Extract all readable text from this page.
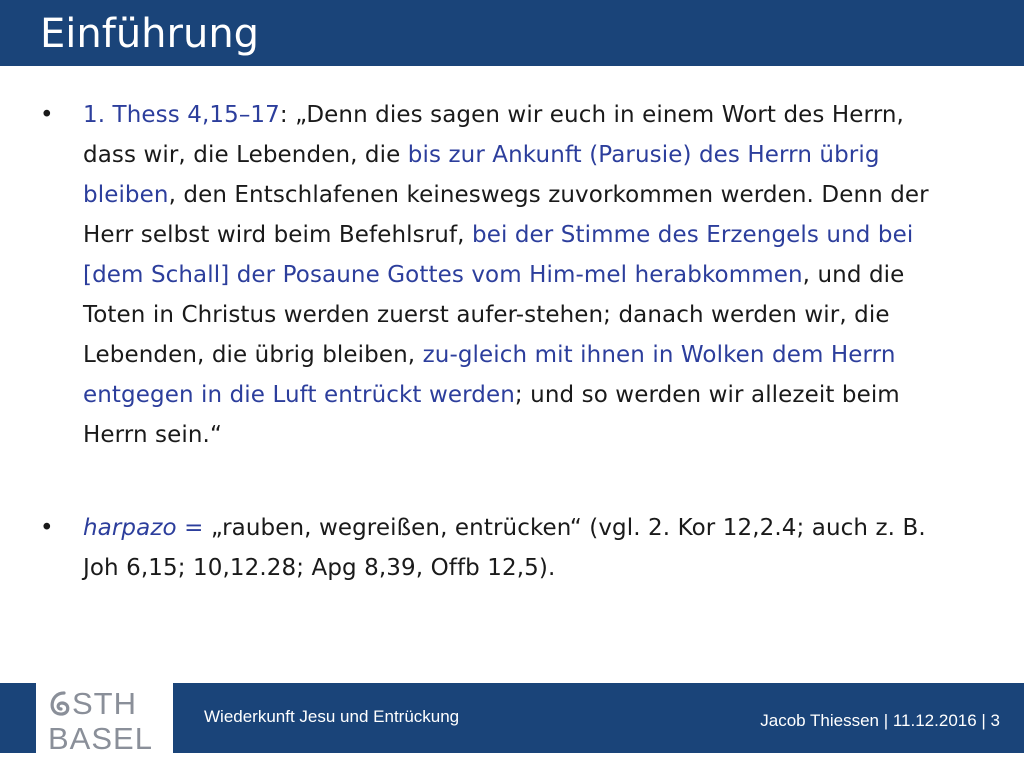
Einführung
• 1. Thess 4,15–17: „Denn dies sagen wir euch in einem Wort des Herrn,
dass wir, die Lebenden, die bis zur Ankunft (Parusie) des Herrn übrig
bleiben, den Entschlafenen keineswegs zuvorkommen werden. Denn der
Herr selbst wird beim Befehlsruf, bei der Stimme des Erzengels und bei
[dem Schall] der Posaune Gottes vom Him-mel herabkommen, und die
Toten in Christus werden zuerst aufer-stehen; danach werden wir, die
Lebenden, die übrig bleiben, zu-gleich mit ihnen in Wolken dem Herrn
entgegen in die Luft entrückt werden; und so werden wir allezeit beim
Herrn sein.“
• harpazo = „rauben, wegreißen, entrücken“ (vgl. 2. Kor 12,2.4; auch z. B.
Joh 6,15; 10,12.28; Apg 8,39, Offb 12,5).
STH
BASEL
Wiederkunft Jesu und Entrückung	Jacob Thiessen | 11.12.2016 | 3
